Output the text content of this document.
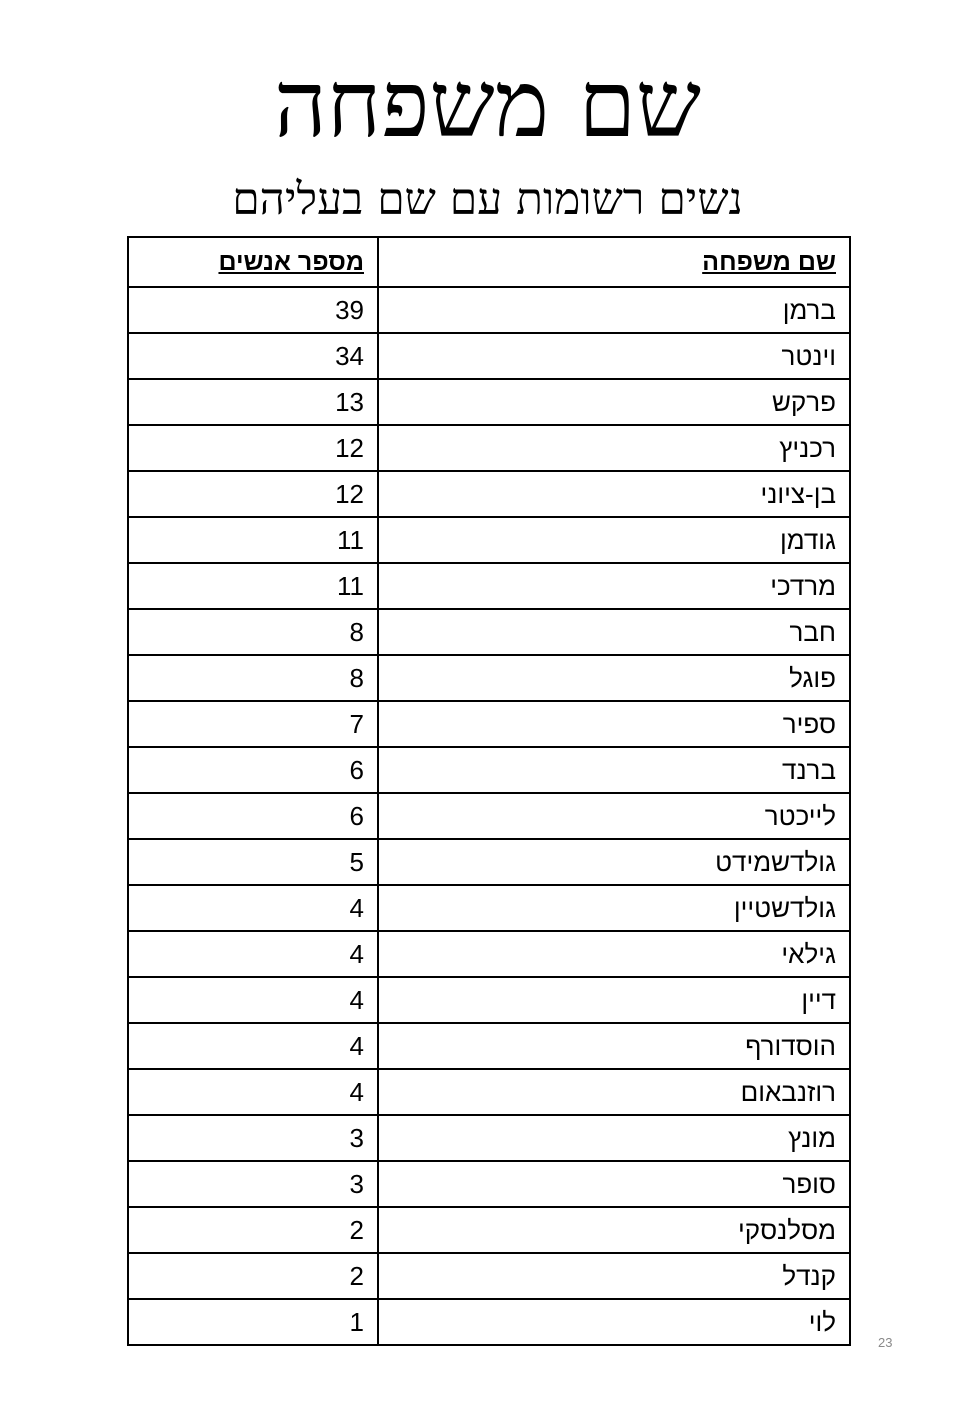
שם משפחה
נשים רשומות עם שם בעליהם
שם משפחה	מספר אנשים
ברמן	39
וינטר	34
פרקש	13
רכניץ	12
בן-ציוני	12
גודמן	11
מרדכי	11
חבר	8
פוגל	8
ספיר	7
ברנד	6
לייכטר	6
גולדשמידט	5
גולדשטיין	4
גילאי	4
דיין	4
הוסדורף	4
רוזנבאום	4
מונץ	3
סופר	3
מסלנסקי	2
קנדל	2
לוי	1
23
